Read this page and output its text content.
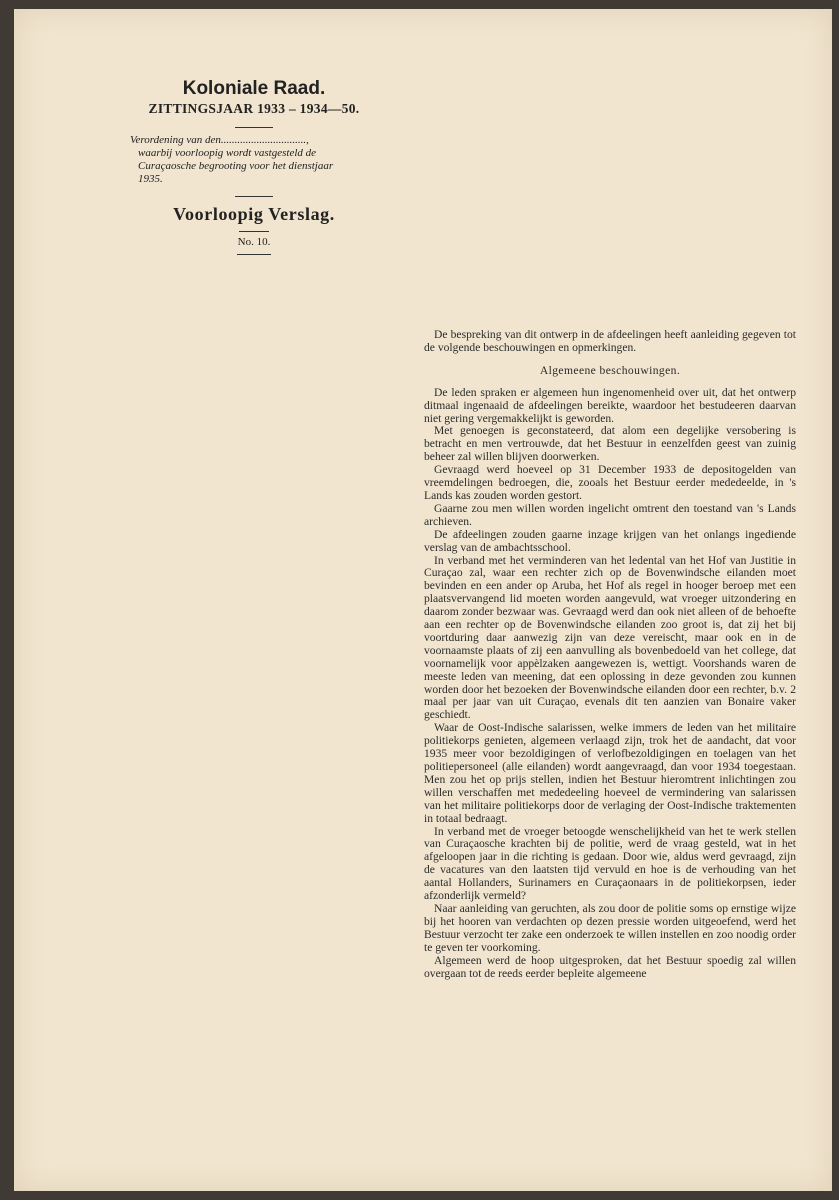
Koloniale Raad.

ZITTINGSJAAR 1933 – 1934—50.

Verordening van den...............................,

waarbij voorloopig wordt vastgesteld de

Curaçaosche begrooting voor het dienstjaar

1935.

Voorloopig Verslag.

No. 10.

De bespreking van dit ontwerp in de afdeelingen heeft aanleiding gegeven tot de volgende beschouwingen en opmerkingen.

Algemeene beschouwingen.

De leden spraken er algemeen hun ingenomenheid over uit, dat het ontwerp ditmaal ingenaaid de afdeelingen bereikte, waardoor het bestudeeren daarvan niet gering vergemakkelijkt is geworden.

Met genoegen is geconstateerd, dat alom een degelijke versobering is betracht en men vertrouwde, dat het Bestuur in eenzelfden geest van zuinig beheer zal willen blijven doorwerken.

Gevraagd werd hoeveel op 31 December 1933 de depositogelden van vreemdelingen bedroegen, die, zooals het Bestuur eerder mededeelde, in 's Lands kas zouden worden gestort.

Gaarne zou men willen worden ingelicht omtrent den toestand van 's Lands archieven.

De afdeelingen zouden gaarne inzage krijgen van het onlangs ingediende verslag van de ambachtsschool.

In verband met het verminderen van het ledental van het Hof van Justitie in Curaçao zal, waar een rechter zich op de Bovenwindsche eilanden moet bevinden en een ander op Aruba, het Hof als regel in hooger beroep met een plaatsvervangend lid moeten worden aangevuld, wat vroeger uitzondering en daarom zonder bezwaar was. Gevraagd werd dan ook niet alleen of de behoefte aan een rechter op de Bovenwindsche eilanden zoo groot is, dat zij het bij voortduring daar aanwezig zijn van deze vereischt, maar ook en in de voornaamste plaats of zij een aanvulling als bovenbedoeld van het college, dat voornamelijk voor appèlzaken aangewezen is, wettigt. Voorshands waren de meeste leden van meening, dat een oplossing in deze gevonden zou kunnen worden door het bezoeken der Bovenwindsche eilanden door een rechter, b.v. 2 maal per jaar van uit Curaçao, evenals dit ten aanzien van Bonaire vaker geschiedt.

Waar de Oost-Indische salarissen, welke immers de leden van het militaire politiekorps genieten, algemeen verlaagd zijn, trok het de aandacht, dat voor 1935 meer voor bezoldigingen of verlofbezoldigingen en toelagen van het politiepersoneel (alle eilanden) wordt aangevraagd, dan voor 1934 toegestaan. Men zou het op prijs stellen, indien het Bestuur hieromtrent inlichtingen zou willen verschaffen met mededeeling hoeveel de vermindering van salarissen van het militaire politiekorps door de verlaging der Oost-Indische traktementen in totaal bedraagt.

In verband met de vroeger betoogde wenschelijkheid van het te werk stellen van Curaçaosche krachten bij de politie, werd de vraag gesteld, wat in het afgeloopen jaar in die richting is gedaan. Door wie, aldus werd gevraagd, zijn de vacatures van den laatsten tijd vervuld en hoe is de verhouding van het aantal Hollanders, Surinamers en Curaçaonaars in de politiekorpsen, ieder afzonderlijk vermeld?

Naar aanleiding van geruchten, als zou door de politie soms op ernstige wijze bij het hooren van verdachten op dezen pressie worden uitgeoefend, werd het Bestuur verzocht ter zake een onderzoek te willen instellen en zoo noodig order te geven ter voorkoming.

Algemeen werd de hoop uitgesproken, dat het Bestuur spoedig zal willen overgaan tot de reeds eerder bepleite algemeene
